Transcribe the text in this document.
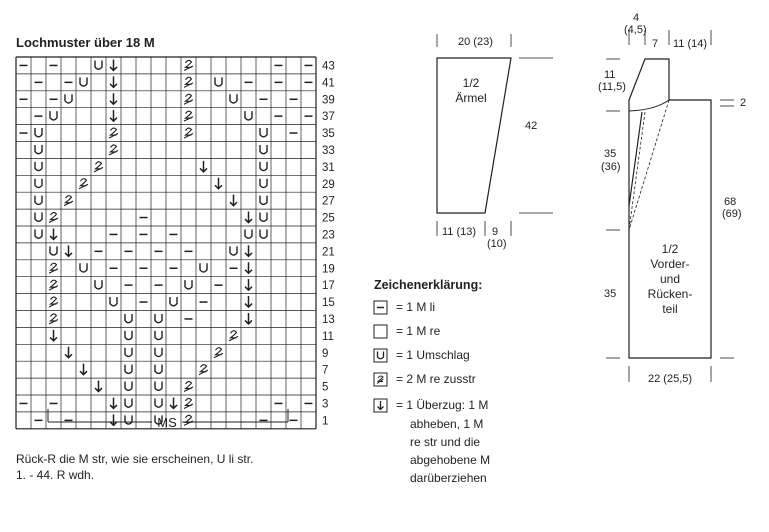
Lochmuster über 18 M
43
41
39
37
35
33
31
29
27
25
23
21
19
17
15
13
11
9
7
5
3
1
MS
Rück-R die M str, wie sie erscheinen, U li str.
1. - 44. R wdh.
20 (23)
1/2
Ärmel
42
11 (13) 9
(10)
Zeichenerklärung:
= 1 M li
= 1 M re
= 1 Umschlag
= 2 M re zusstr
= 1 Überzug: 1 M
abheben, 1 M
re str und die
abgehobene M
darüberziehen
4
(4,5)
7 11 (14)
11
(11,5)
2
35
(36)
68
(69)
35
22 (25,5)
1/2
Vorder-
und
Rücken-
teil
